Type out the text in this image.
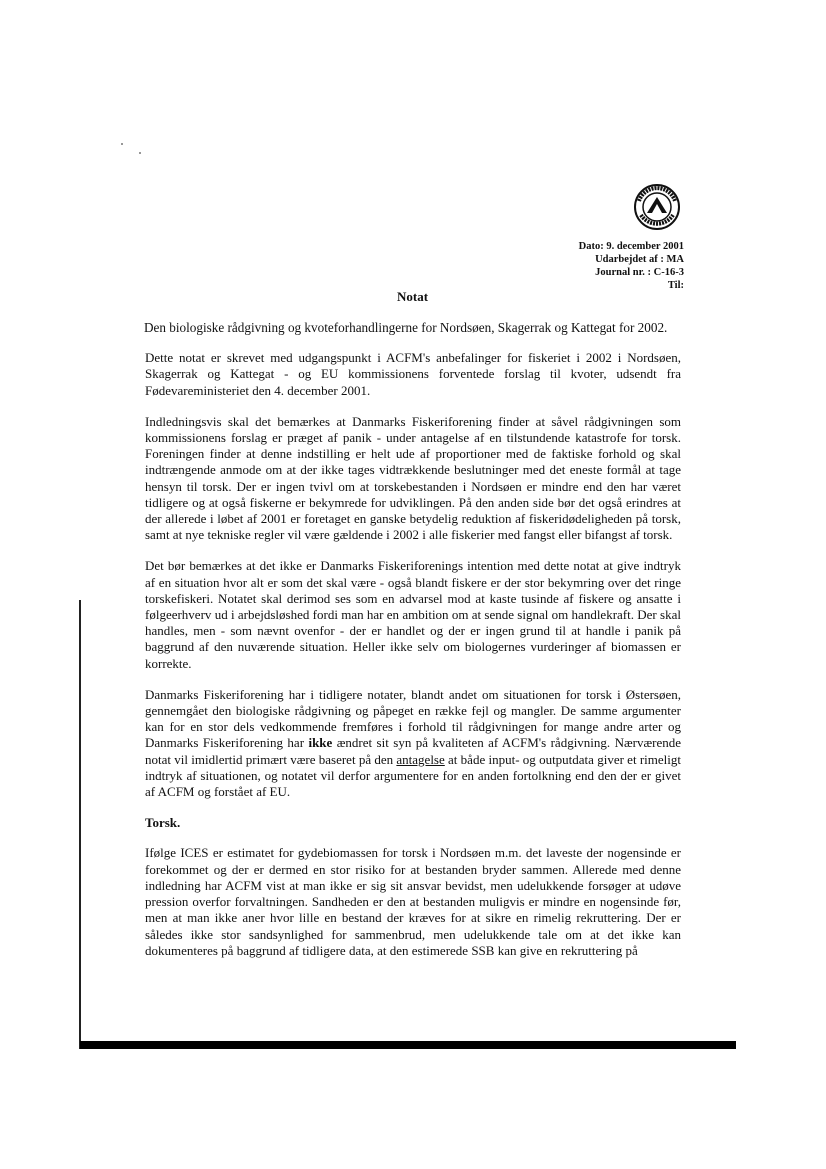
Dato: 9. december 2001
Udarbejdet af : MA
Journal nr. : C-16-3
Til:
Notat
Den biologiske rådgivning og kvoteforhandlingerne for Nordsøen, Skagerrak og Kattegat for 2002.

Dette notat er skrevet med udgangspunkt i ACFM's anbefalinger for fiskeriet i 2002 i Nordsøen, Skagerrak og Kattegat - og EU kommissionens forventede forslag til kvoter, udsendt fra Fødevareministeriet den 4. december 2001.

Indledningsvis skal det bemærkes at Danmarks Fiskeriforening finder at såvel rådgivningen som kommissionens forslag er præget af panik - under antagelse af en tilstundende katastrofe for torsk. Foreningen finder at denne indstilling er helt ude af proportioner med de faktiske forhold og skal indtrængende anmode om at der ikke tages vidtrækkende beslutninger med det eneste formål at tage hensyn til torsk. Der er ingen tvivl om at torskebestanden i Nordsøen er mindre end den har været tidligere og at også fiskerne er bekymrede for udviklingen. På den anden side bør det også erindres at der allerede i løbet af 2001 er foretaget en ganske betydelig reduktion af fiskeridødeligheden på torsk, samt at nye tekniske regler vil være gældende i 2002 i alle fiskerier med fangst eller bifangst af torsk.

Det bør bemærkes at det ikke er Danmarks Fiskeriforenings intention med dette notat at give indtryk af en situation hvor alt er som det skal være - også blandt fiskere er der stor bekymring over det ringe torskefiskeri. Notatet skal derimod ses som en advarsel mod at kaste tusinde af fiskere og ansatte i følgeerhverv ud i arbejdsløshed fordi man har en ambition om at sende signal om handlekraft. Der skal handles, men - som nævnt ovenfor - der er handlet og der er ingen grund til at handle i panik på baggrund af den nuværende situation. Heller ikke selv om biologernes vurderinger af biomassen er korrekte.

Danmarks Fiskeriforening har i tidligere notater, blandt andet om situationen for torsk i Østersøen, gennemgået den biologiske rådgivning og påpeget en række fejl og mangler. De samme argumenter kan for en stor dels vedkommende fremføres i forhold til rådgivningen for mange andre arter og Danmarks Fiskeriforening har ikke ændret sit syn på kvaliteten af ACFM's rådgivning. Nærværende notat vil imidlertid primært være baseret på den antagelse at både input- og outputdata giver et rimeligt indtryk af situationen, og notatet vil derfor argumentere for en anden fortolkning end den der er givet af ACFM og forstået af EU.

Torsk.

Ifølge ICES er estimatet for gydebiomassen for torsk i Nordsøen m.m. det laveste der nogensinde er forekommet og der er dermed en stor risiko for at bestanden bryder sammen. Allerede med denne indledning har ACFM vist at man ikke er sig sit ansvar bevidst, men udelukkende forsøger at udøve pression overfor forvaltningen. Sandheden er den at bestanden muligvis er mindre en nogensinde før, men at man ikke aner hvor lille en bestand der kræves for at sikre en rimelig rekruttering. Der er således ikke stor sandsynlighed for sammenbrud, men udelukkende tale om at det ikke kan dokumenteres på baggrund af tidligere data, at den estimerede SSB kan give en rekruttering på
